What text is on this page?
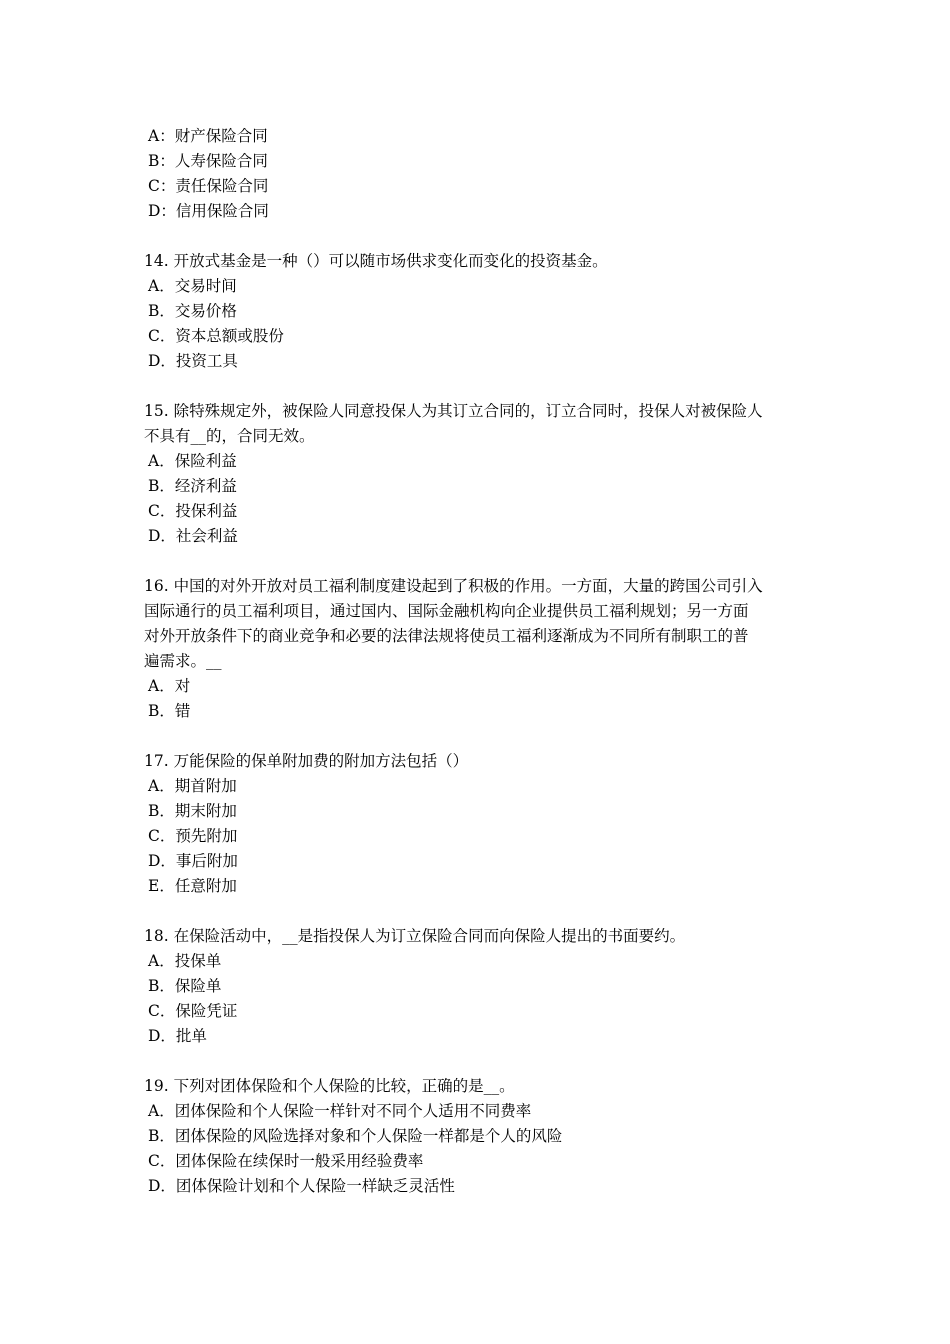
A：财产保险合同

B：人寿保险合同

C：责任保险合同

D：信用保险合同

14. 开放式基金是一种（）可以随市场供求变化而变化的投资基金。

A．交易时间

B．交易价格

C．资本总额或股份

D．投资工具

15. 除特殊规定外，被保险人同意投保人为其订立合同的，订立合同时，投保人对被保险人

不具有__的，合同无效。

A．保险利益

B．经济利益

C．投保利益

D．社会利益

16. 中国的对外开放对员工福利制度建设起到了积极的作用。一方面，大量的跨国公司引入

国际通行的员工福利项目，通过国内、国际金融机构向企业提供员工福利规划；另一方面

对外开放条件下的商业竞争和必要的法律法规将使员工福利逐渐成为不同所有制职工的普

遍需求。__

A．对

B．错

17. 万能保险的保单附加费的附加方法包括（）

A．期首附加

B．期末附加

C．预先附加

D．事后附加

E．任意附加

18. 在保险活动中，__是指投保人为订立保险合同而向保险人提出的书面要约。

A．投保单

B．保险单

C．保险凭证

D．批单

19. 下列对团体保险和个人保险的比较，正确的是__。

A．团体保险和个人保险一样针对不同个人适用不同费率

B．团体保险的风险选择对象和个人保险一样都是个人的风险

C．团体保险在续保时一般采用经验费率

D．团体保险计划和个人保险一样缺乏灵活性
